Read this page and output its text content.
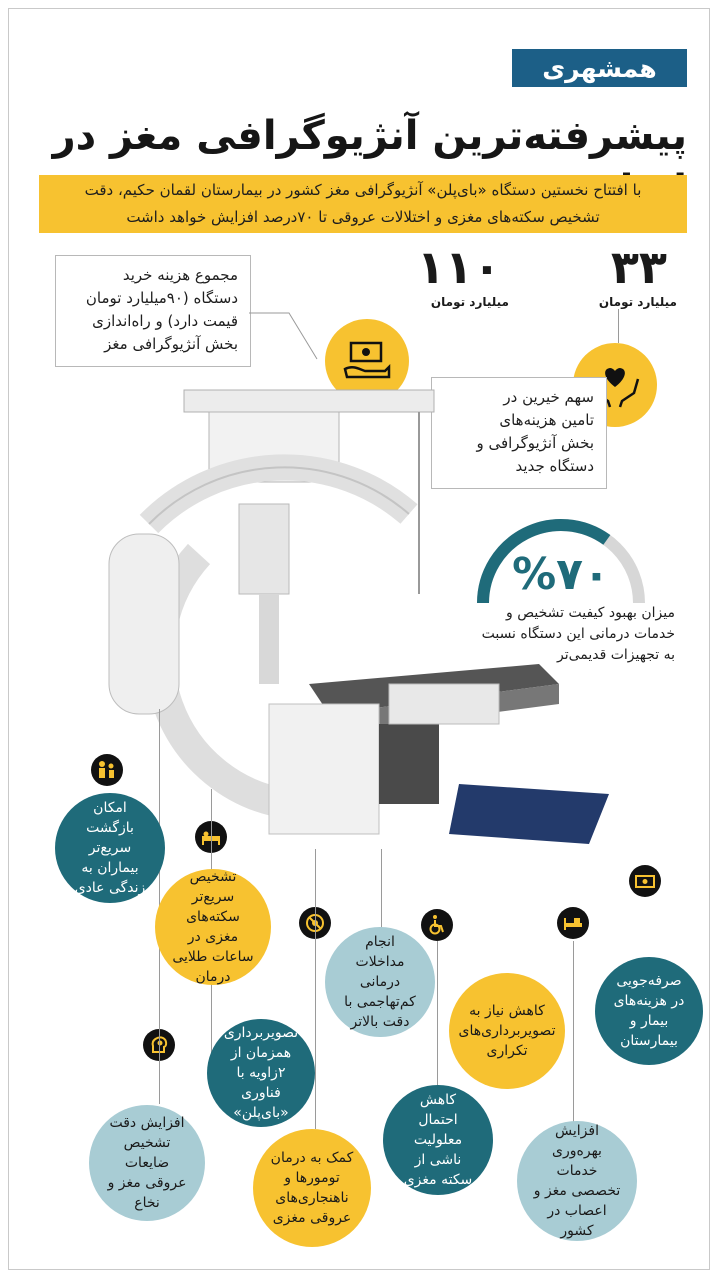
همشهری
پیشرفته‌ترین آنژیوگرافی مغز در
با افتتاح نخستین دستگاه «بای‌پلن» آنژیوگرافی مغز کشور در بیمارستان لقمان حکیم، دقت
تشخیص سکته‌های مغزی و اختلالات عروقی تا ۷۰درصد افزایش خواهد داشت
۳۳
میلیارد تومان
۱۱۰
میلیارد تومان
مجموع هزینه خرید
دستگاه (۹۰میلیارد تومان
قیمت دارد) و راه‌اندازی
بخش آنژیوگرافی مغز
سهم خیرین در
تامین هزینه‌های
بخش آنژیوگرافی و
دستگاه جدید
%۷۰
میزان بهبود کیفیت تشخیص و
خدمات درمانی این دستگاه نسبت
به تجهیزات قدیمی‌تر
امکان بازگشت سریع‌تر بیماران به زندگی عادی
تشخیص سریع‌تر سکته‌های مغزی در ساعات طلایی درمان
تصویربرداری همزمان از ۲زاویه با فناوری «بای‌پلن»
افزایش دقت تشخیص ضایعات عروقی مغز و نخاع
کمک به درمان تومورها و ناهنجاری‌های عروقی مغزی
انجام مداخلات درمانی کم‌تهاجمی با دقت بالاتر
کاهش احتمال معلولیت ناشی از سکته مغزی
کاهش نیاز به تصویربرداری‌های تکراری
افزایش بهره‌وری خدمات تخصصی مغز و اعصاب در کشور
صرفه‌جویی در هزینه‌های بیمار و بیمارستان
